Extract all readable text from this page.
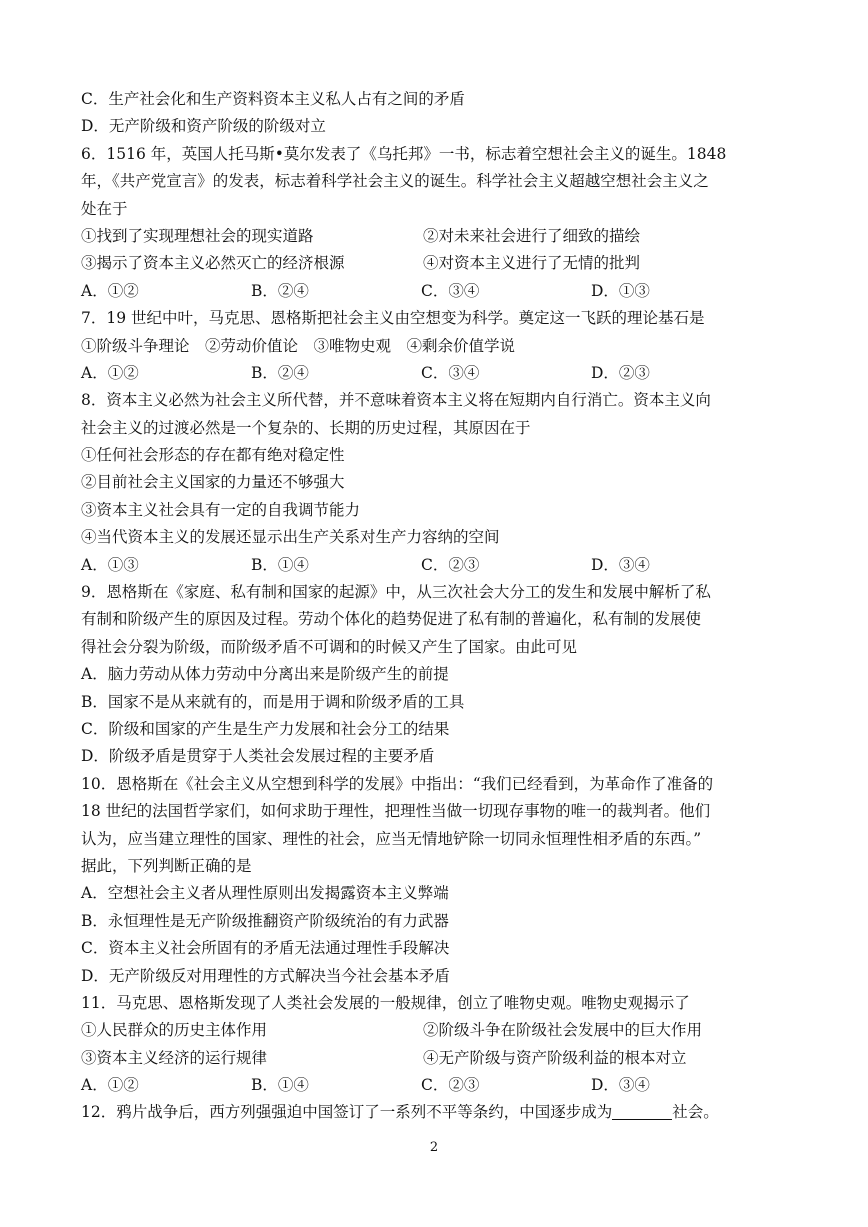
C．生产社会化和生产资料资本主义私人占有之间的矛盾
D．无产阶级和资产阶级的阶级对立
6．1516 年，英国人托马斯•莫尔发表了《乌托邦》一书，标志着空想社会主义的诞生。1848
年，《共产党宣言》的发表，标志着科学社会主义的诞生。科学社会主义超越空想社会主义之
处在于
①找到了实现理想社会的现实道路	②对未来社会进行了细致的描绘
③揭示了资本主义必然灭亡的经济根源	④对资本主义进行了无情的批判
A．①②	B．②④	C．③④	D．①③
7．19 世纪中叶，马克思、恩格斯把社会主义由空想变为科学。奠定这一飞跃的理论基石是
①阶级斗争理论　②劳动价值论　③唯物史观　④剩余价值学说
A．①②	B．②④	C．③④	D．②③
8．资本主义必然为社会主义所代替，并不意味着资本主义将在短期内自行消亡。资本主义向
社会主义的过渡必然是一个复杂的、长期的历史过程，其原因在于
①任何社会形态的存在都有绝对稳定性
②目前社会主义国家的力量还不够强大
③资本主义社会具有一定的自我调节能力
④当代资本主义的发展还显示出生产关系对生产力容纳的空间
A．①③	B．①④	C．②③	D．③④
9．恩格斯在《家庭、私有制和国家的起源》中，从三次社会大分工的发生和发展中解析了私
有制和阶级产生的原因及过程。劳动个体化的趋势促进了私有制的普遍化，私有制的发展使
得社会分裂为阶级，而阶级矛盾不可调和的时候又产生了国家。由此可见
A．脑力劳动从体力劳动中分离出来是阶级产生的前提
B．国家不是从来就有的，而是用于调和阶级矛盾的工具
C．阶级和国家的产生是生产力发展和社会分工的结果
D．阶级矛盾是贯穿于人类社会发展过程的主要矛盾
10．恩格斯在《社会主义从空想到科学的发展》中指出：“我们已经看到，为革命作了准备的
18 世纪的法国哲学家们，如何求助于理性，把理性当做一切现存事物的唯一的裁判者。他们
认为，应当建立理性的国家、理性的社会，应当无情地铲除一切同永恒理性相矛盾的东西。”
据此，下列判断正确的是
A．空想社会主义者从理性原则出发揭露资本主义弊端
B．永恒理性是无产阶级推翻资产阶级统治的有力武器
C．资本主义社会所固有的矛盾无法通过理性手段解决
D．无产阶级反对用理性的方式解决当今社会基本矛盾
11．马克思、恩格斯发现了人类社会发展的一般规律，创立了唯物史观。唯物史观揭示了
①人民群众的历史主体作用	②阶级斗争在阶级社会发展中的巨大作用
③资本主义经济的运行规律	④无产阶级与资产阶级利益的根本对立
A．①②	B．①④	C．②③	D．③④
12．鸦片战争后，西方列强强迫中国签订了一系列不平等条约，中国逐步成为	社会。
2
